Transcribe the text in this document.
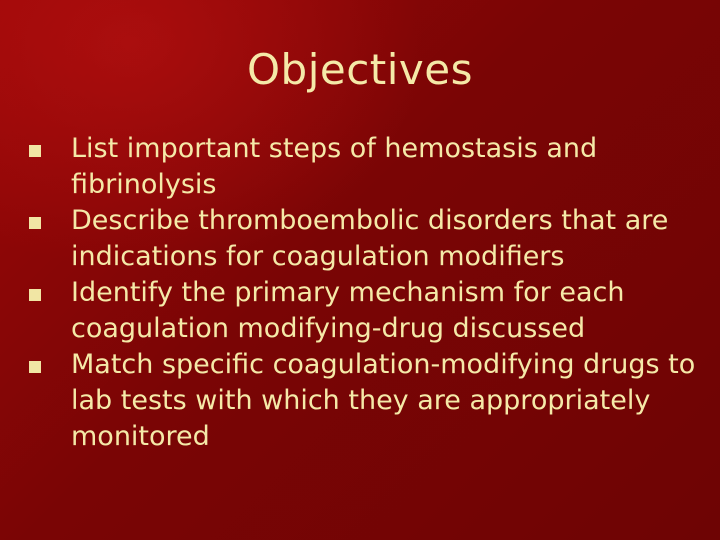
Objectives
List important steps of hemostasis and fibrinolysis
Describe thromboembolic disorders that are indications for coagulation modifiers
Identify the primary mechanism for each coagulation modifying-drug discussed
Match specific coagulation-modifying drugs to lab tests with which they are appropriately monitored
